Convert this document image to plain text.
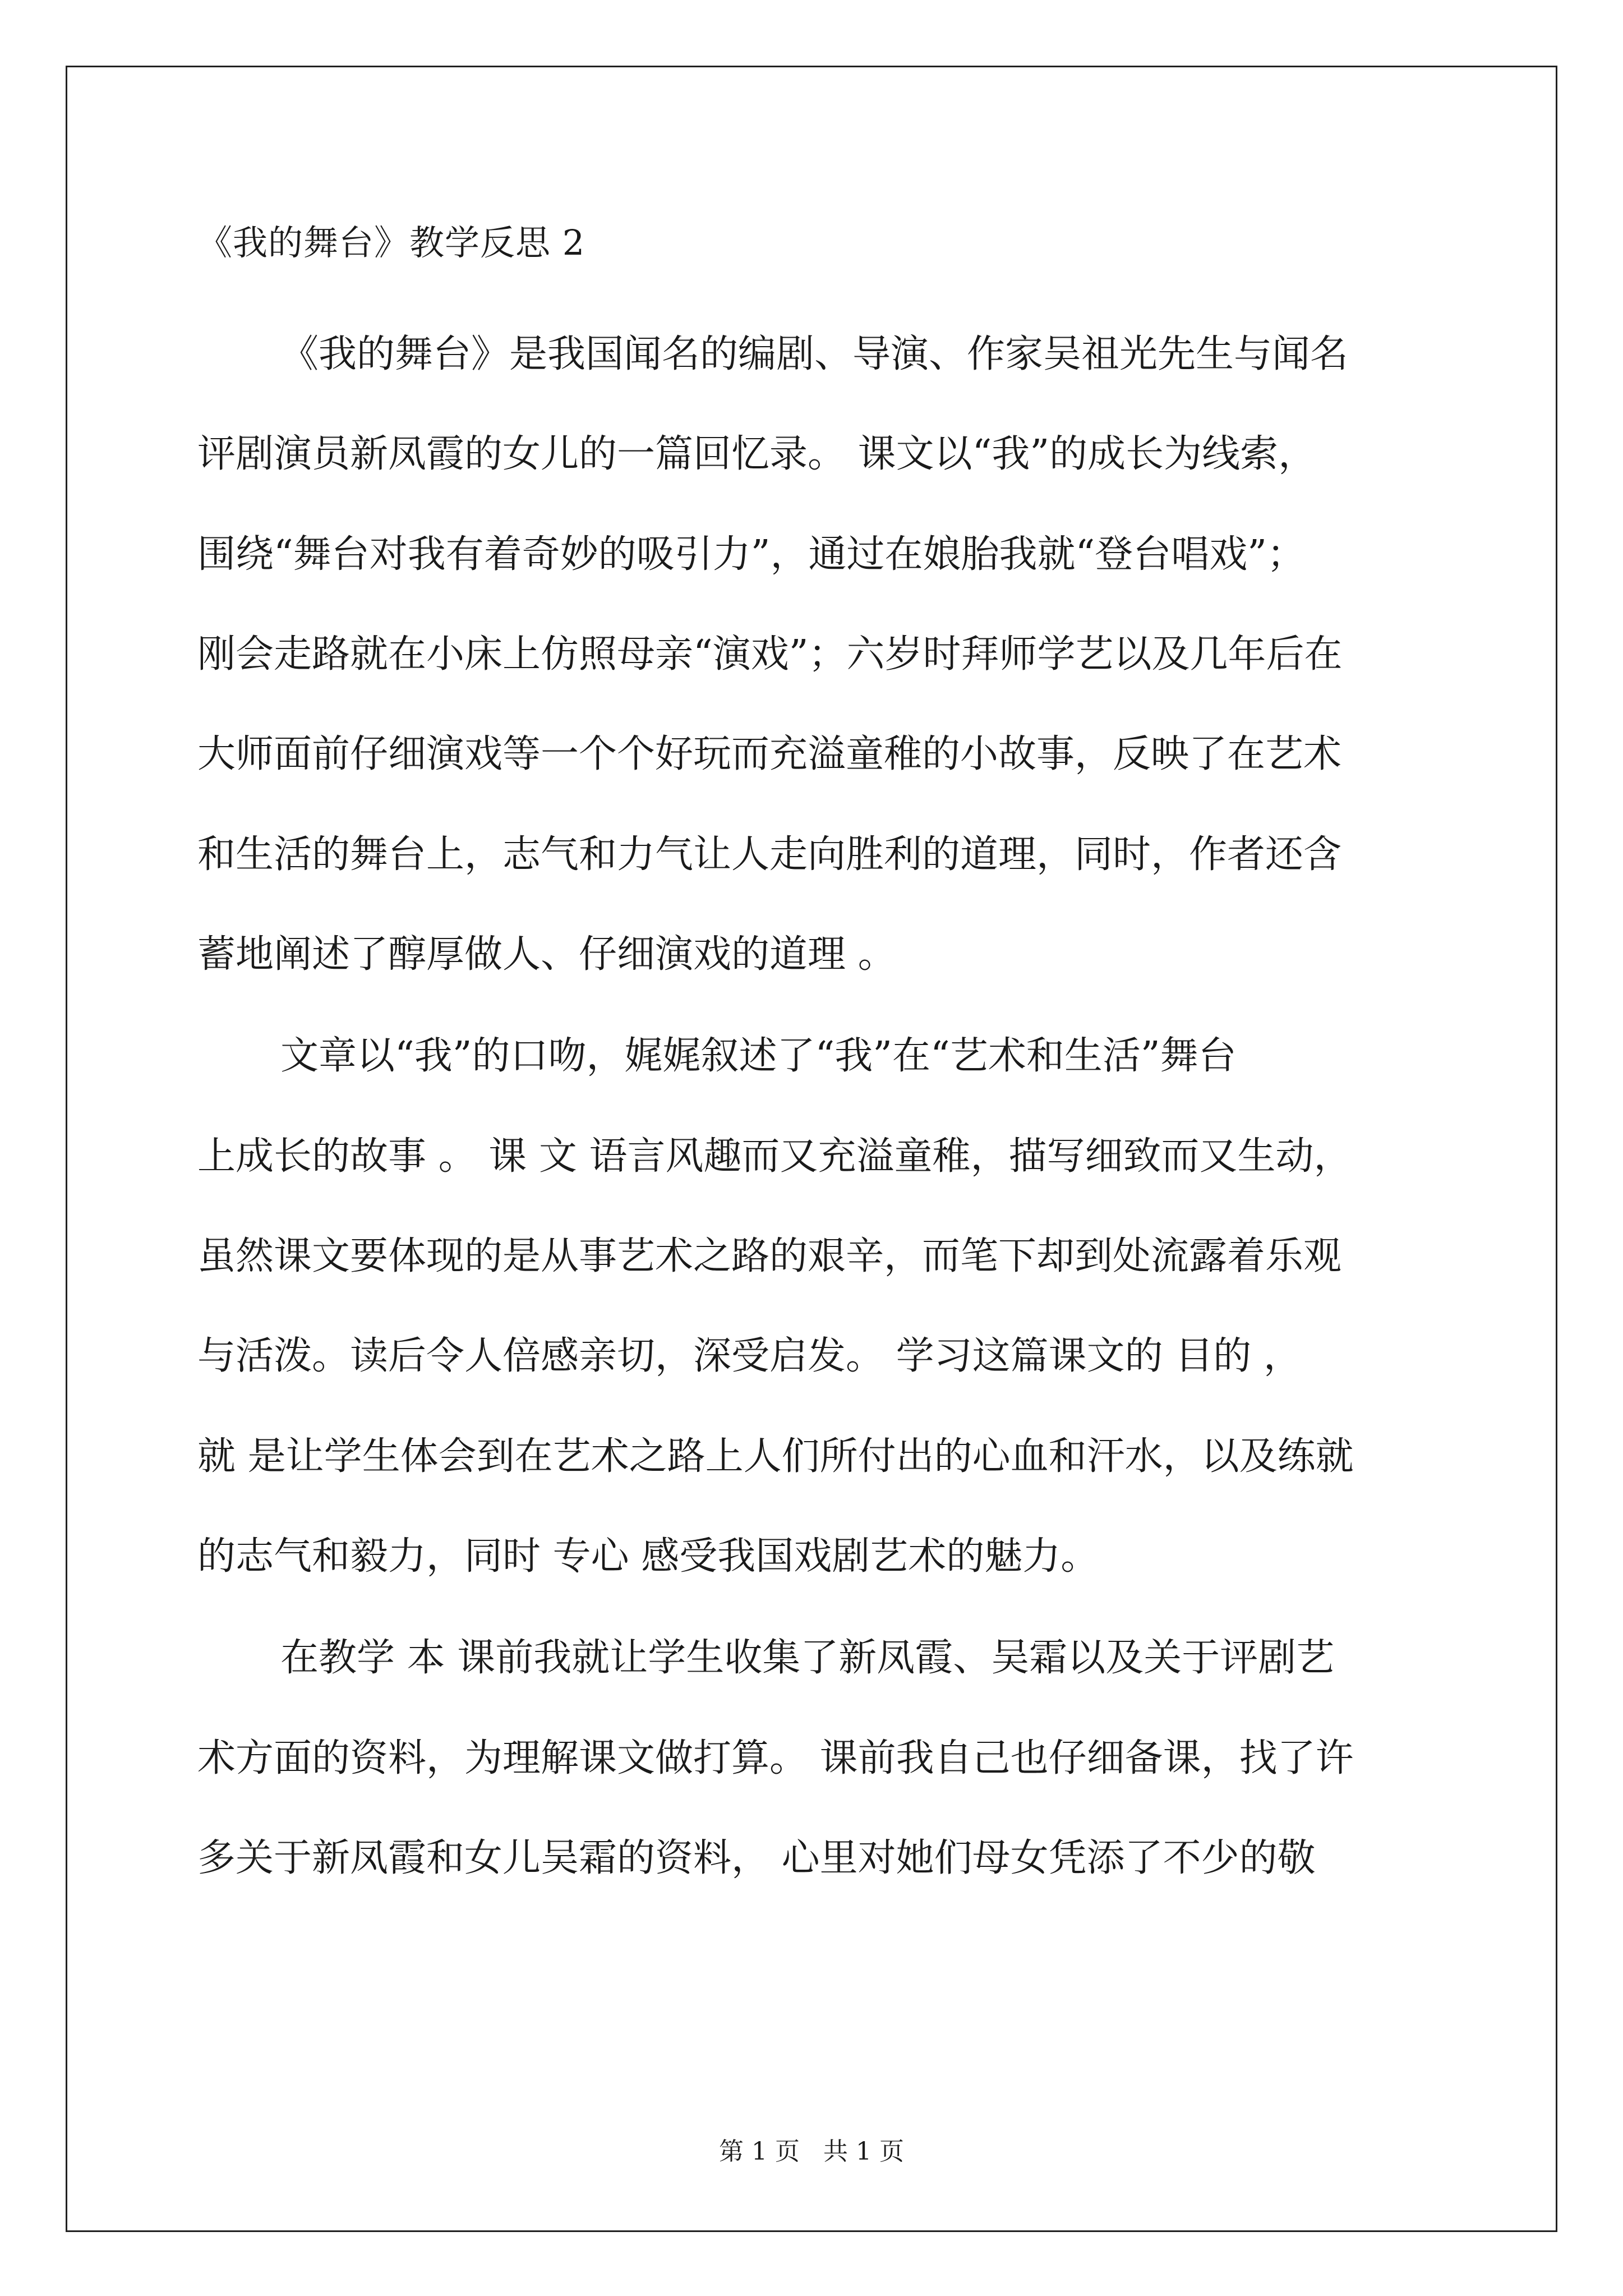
《我的舞台》教学反思 2
《我的舞台》是我国闻名的编剧、导演、作家吴祖光先生与闻名
评剧演员新凤霞的女儿的一篇回忆录。 课文以“我”的成长为线索，
围绕“舞台对我有着奇妙的吸引力”，通过在娘胎我就“登台唱戏”；
刚会走路就在小床上仿照母亲“演戏”；六岁时拜师学艺以及几年后在
大师面前仔细演戏等一个个好玩而充溢童稚的小故事，反映了在艺术
和生活的舞台上，志气和力气让人走向胜利的道理，同时，作者还含
蓄地阐述了醇厚做人、仔细演戏的道理 。
文章以“我”的口吻，娓娓叙述了“我”在“艺术和生活”舞台
上成长的故事 。 课 文 语言风趣而又充溢童稚，描写细致而又生动，
虽然课文要体现的是从事艺术之路的艰辛，而笔下却到处流露着乐观
与活泼。读后令人倍感亲切，深受启发。 学习这篇课文的 目的 ，
就 是让学生体会到在艺术之路上人们所付出的心血和汗水，以及练就
的志气和毅力，同时 专心 感受我国戏剧艺术的魅力。
在教学 本 课前我就让学生收集了新凤霞、吴霜以及关于评剧艺
术方面的资料，为理解课文做打算。 课前我自己也仔细备课，找了许
多关于新凤霞和女儿吴霜的资料， 心里对她们母女凭添了不少的敬
第 1 页   共 1 页
